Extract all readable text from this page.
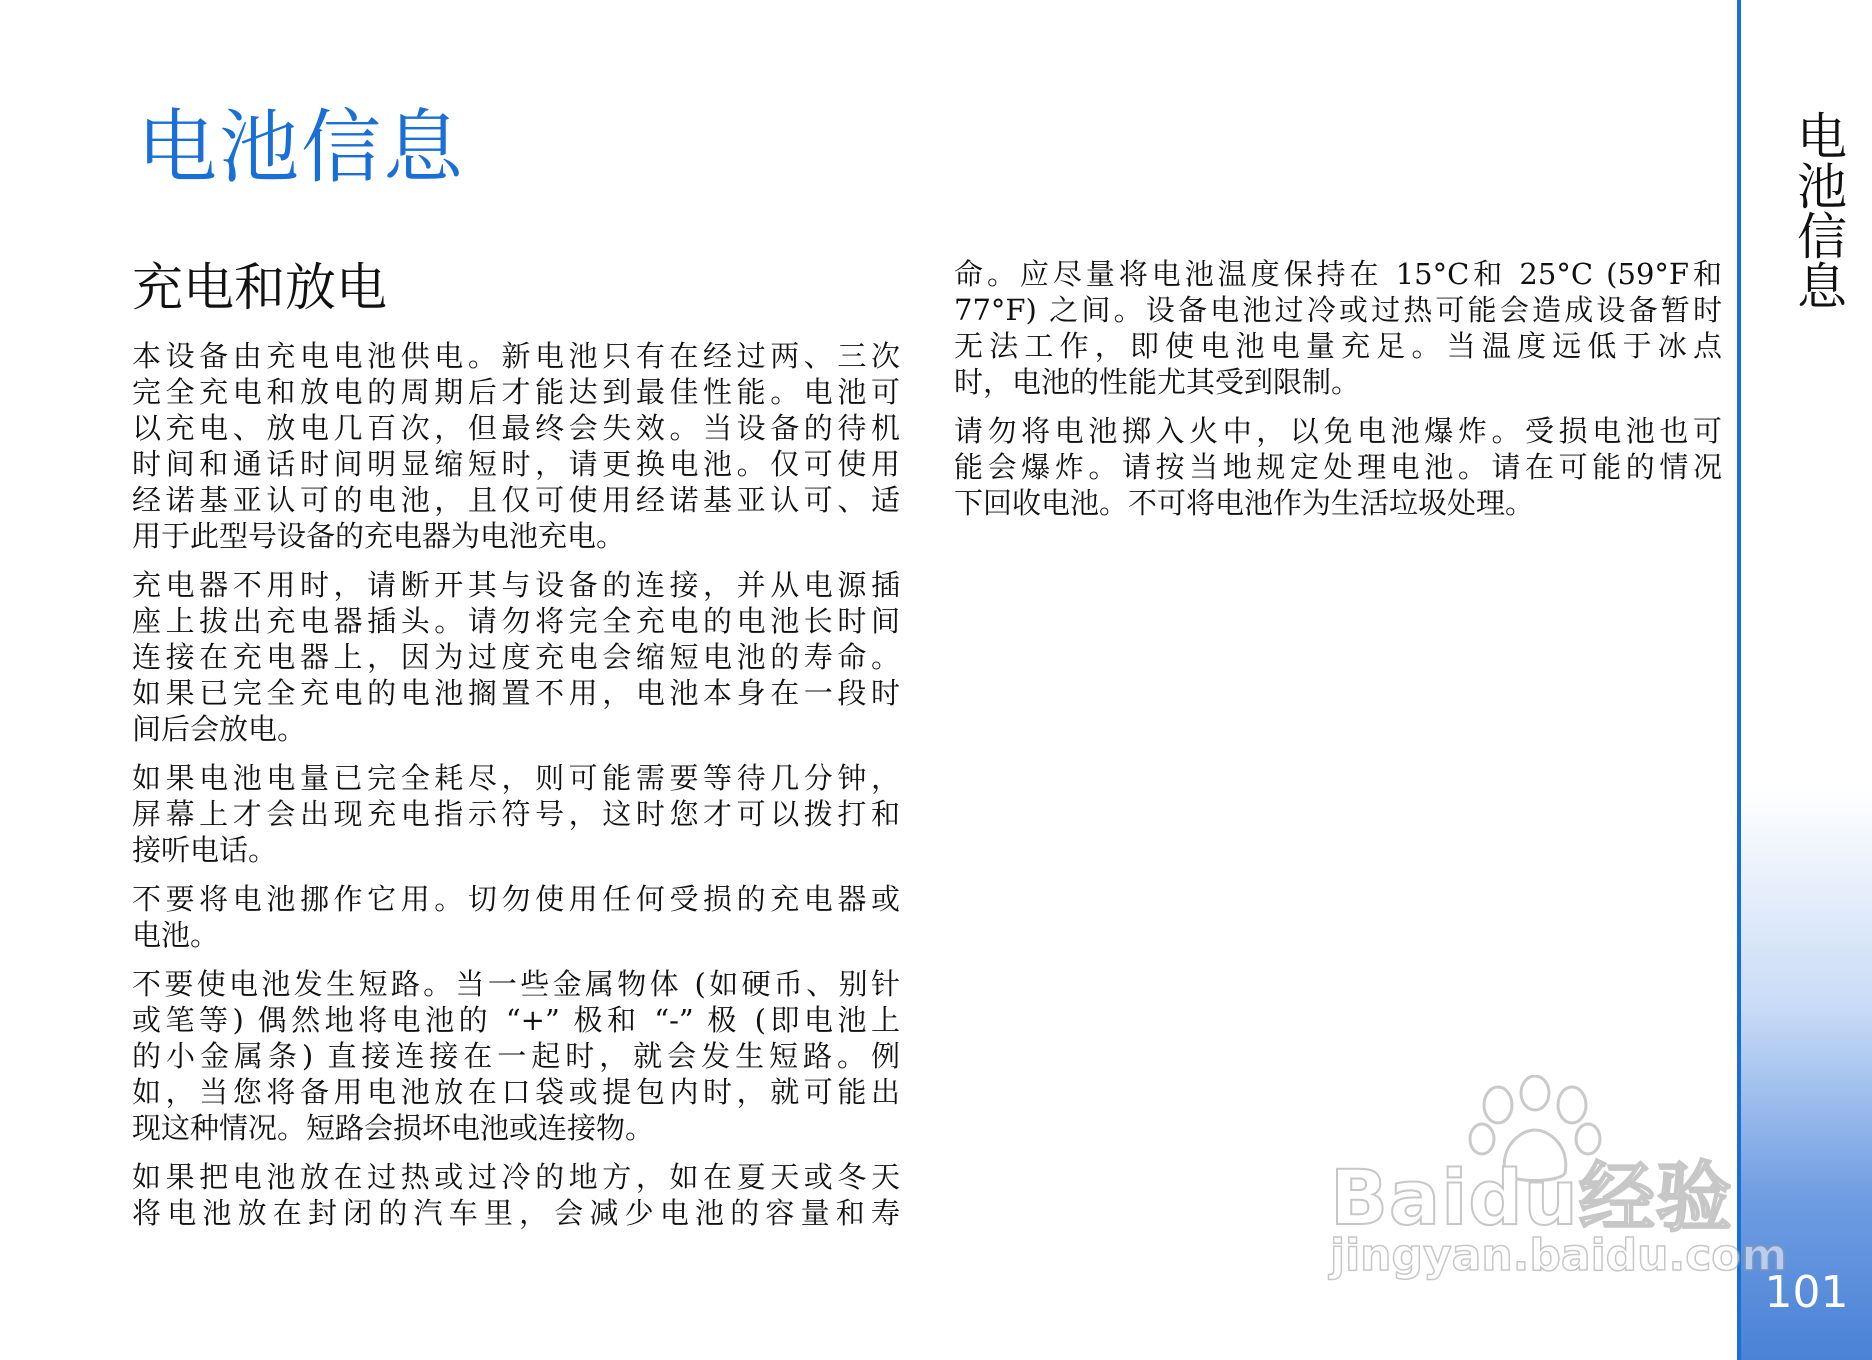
电池信息
充电和放电

本设备由充电电池供电。新电池只有在经过两、三次
完全充电和放电的周期后才能达到最佳性能。电池可
以充电、放电几百次，但最终会失效。当设备的待机
时间和通话时间明显缩短时，请更换电池。仅可使用
经诺基亚认可的电池，且仅可使用经诺基亚认可、适
用于此型号设备的充电器为电池充电。

充电器不用时，请断开其与设备的连接，并从电源插
座上拔出充电器插头。请勿将完全充电的电池长时间
连接在充电器上，因为过度充电会缩短电池的寿命。
如果已完全充电的电池搁置不用，电池本身在一段时
间后会放电。

如果电池电量已完全耗尽，则可能需要等待几分钟，
屏幕上才会出现充电指示符号，这时您才可以拨打和
接听电话。

不要将电池挪作它用。切勿使用任何受损的充电器或
电池。

不要使电池发生短路。当一些金属物体 (如硬币、别针
或笔等) 偶然地将电池的 “+” 极和 “-” 极 (即电池上
的小金属条) 直接连接在一起时，就会发生短路。例
如，当您将备用电池放在口袋或提包内时，就可能出
现这种情况。短路会损坏电池或连接物。

如果把电池放在过热或过冷的地方，如在夏天或冬天
将电池放在封闭的汽车里，会减少电池的容量和寿

命。应尽量将电池温度保持在 15°C和 25°C (59°F和
77°F) 之间。设备电池过冷或过热可能会造成设备暂时
无法工作，即使电池电量充足。当温度远低于冰点
时，电池的性能尤其受到限制。

请勿将电池掷入火中，以免电池爆炸。受损电池也可
能会爆炸。请按当地规定处理电池。请在可能的情况
下回收电池。不可将电池作为生活垃圾处理。

电池信息
101
Baidu经验
jingyan.baidu.com
